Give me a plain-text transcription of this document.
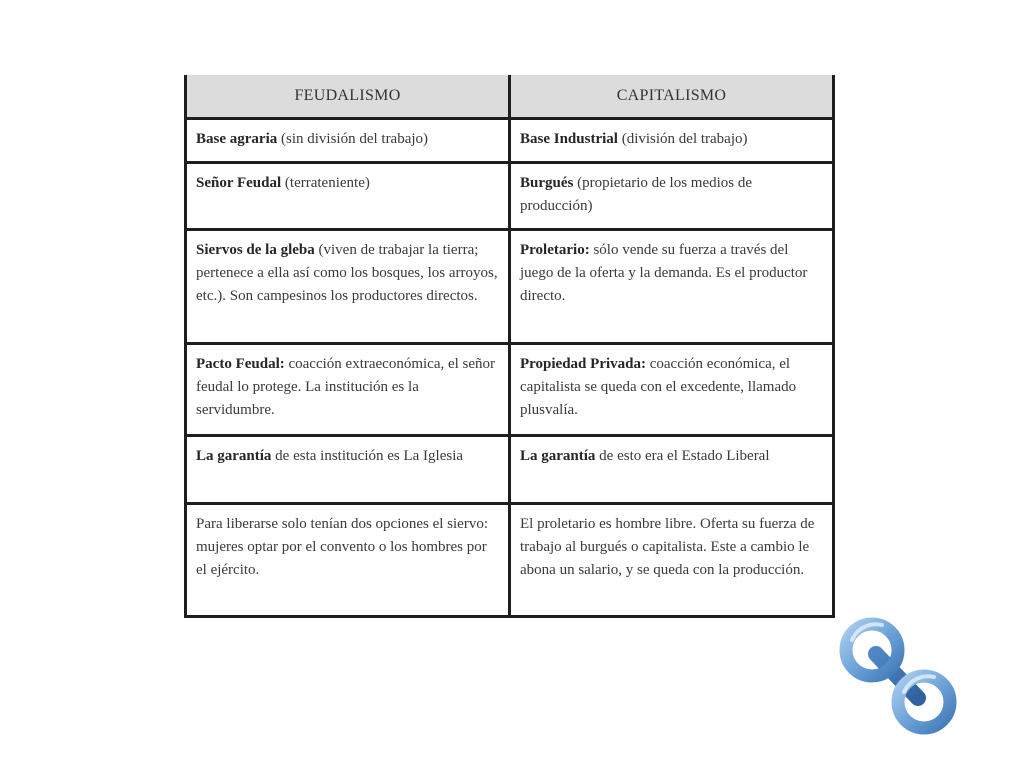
FEUDALISMO	CAPITALISMO
Base agraria (sin división del trabajo)	Base Industrial (división del trabajo)
Señor Feudal (terrateniente)	Burgués (propietario de los medios de producción)
Siervos de la gleba (viven de trabajar la tierra; pertenece a ella así como los bosques, los arroyos, etc.). Son campesinos los productores directos.	Proletario: sólo vende su fuerza a través del juego de la oferta y la demanda. Es el productor directo.
Pacto Feudal: coacción extraeconómica, el señor feudal lo protege. La institución es la servidumbre.	Propiedad Privada: coacción económica, el capitalista se queda con el excedente, llamado plusvalía.
La garantía de esta institución es La Iglesia	La garantía de esto era el Estado Liberal
Para liberarse solo tenían dos opciones el siervo: mujeres optar por el convento o los hombres por el ejército.	El proletario es hombre libre. Oferta su fuerza de trabajo al burgués o capitalista. Este a cambio le abona un salario, y se queda con la producción.
